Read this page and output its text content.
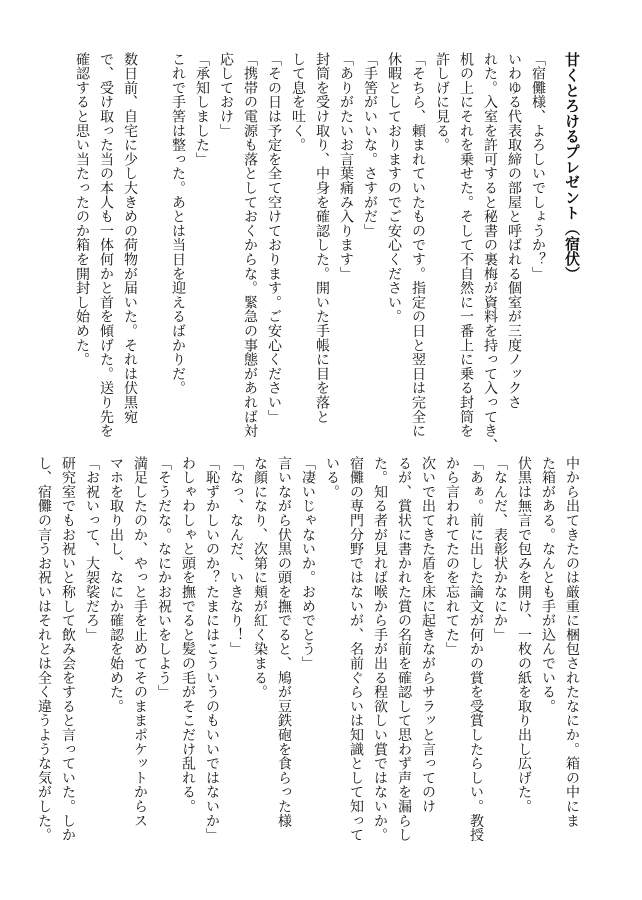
甘くとろけるプレゼント（宿伏）
「宿儺様、よろしいでしょうか？」
いわゆる代表取締の部屋と呼ばれる個室が三度ノックさ
れた。入室を許可すると秘書の裏梅が資料を持って入ってき、
机の上にそれを乗せた。そして不自然に一番上に乗る封筒を
許しげに見る。
「そちら、頼まれていたものです。指定の日と翌日は完全に
休暇としておりますのでご安心ください。
「手筈がいいな。さすがだ」
「ありがたいお言葉痛み入ります」
封筒を受け取り、中身を確認した。開いた手帳に目を落と
して息を吐く。
「その日は予定を全て空けております。ご安心ください」
「携帯の電源も落としておくからな。緊急の事態があれば対
応しておけ」
「承知しました」
これで手筈は整った。あとは当日を迎えるばかりだ。
数日前、自宅に少し大きめの荷物が届いた。それは伏黒宛
で、受け取った当の本人も一体何かと首を傾げた。送り先を
確認すると思い当たったのか箱を開封し始めた。
中から出てきたのは厳重に梱包されたなにか。箱の中にま
た箱がある。なんとも手が込んでいる。
伏黒は無言で包みを開け、一枚の紙を取り出し広げた。
「なんだ、表彰状かなにか」
「あぁ。前に出した論文が何かの賞を受賞したらしい。教授
から言われてたのを忘れてた」
次いで出てきた盾を床に起きながらサラッと言ってのけ
るが、賞状に書かれた賞の名前を確認して思わず声を漏らし
た。知る者が見れば喉から手が出る程欲しい賞ではないか。
宿儺の専門分野ではないが、名前ぐらいは知識として知って
いる。
「凄いじゃないか。おめでとう」
言いながら伏黒の頭を撫でると、鳩が豆鉄砲を食らった様
な顔になり、次第に頬が紅く染まる。
「なっ、なんだ、いきなり！」
「恥ずかしいのか？たまにはこういうのもいいではないか」
わしゃわしゃと頭を撫でると髪の毛がそこだけ乱れる。
「そうだな。なにかお祝いをしよう」
満足したのか、やっと手を止めてそのままポケットからス
マホを取り出し、なにか確認を始めた。
「お祝いって、大袈裟だろ」
研究室でもお祝いと称して飲み会をすると言っていた。しか
し、宿儺の言うお祝いはそれとは全く違うような気がした。
